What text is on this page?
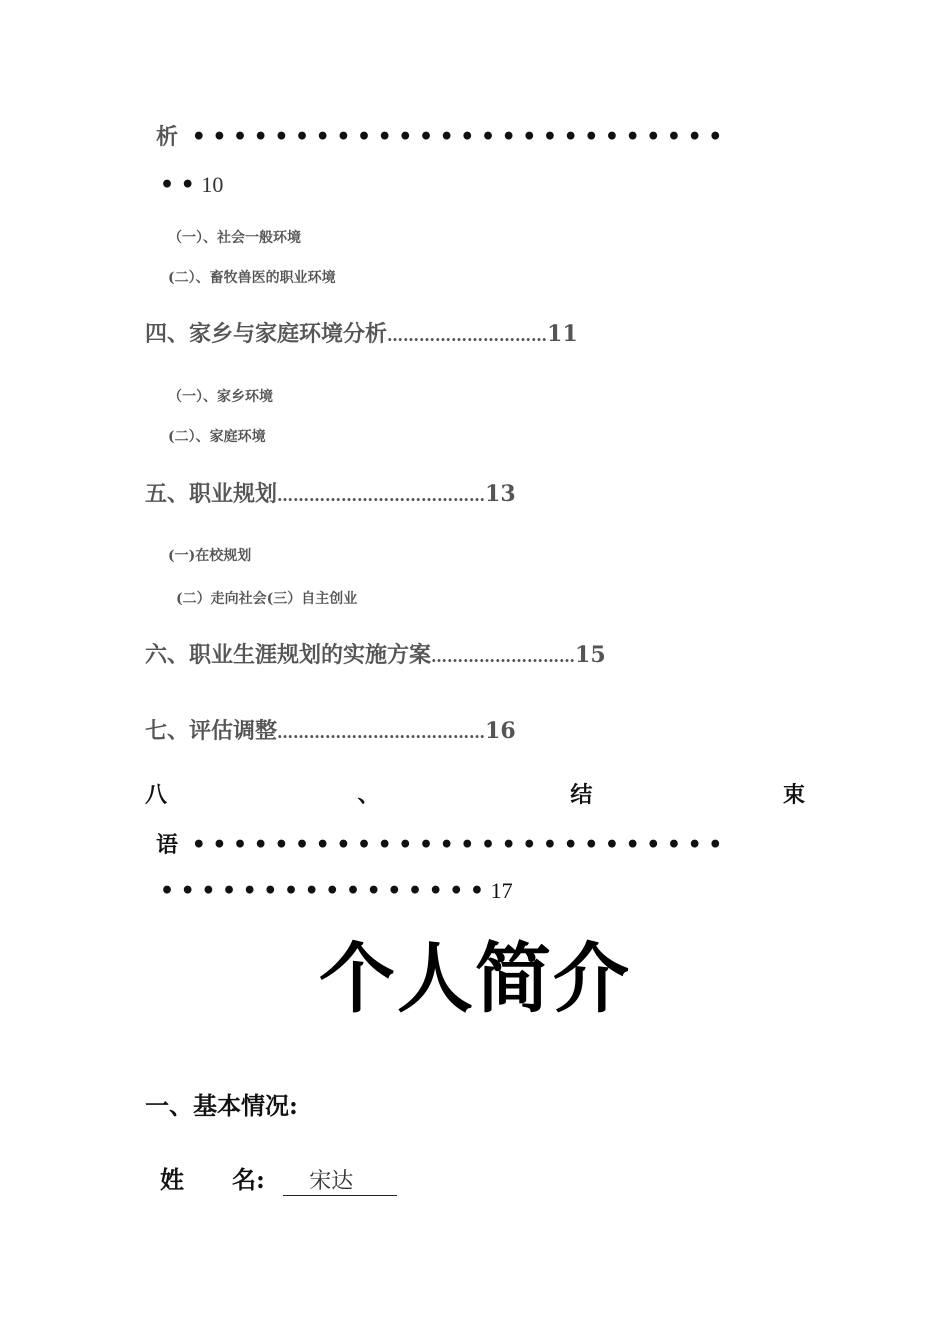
析 ••••••••••••••••••••••••••
••10
（一）、社会一般环境
(二）、畜牧兽医的职业环境
四、家乡与家庭环境分析…………………………11
（一）、家乡环境
(二）、家庭环境
五、职业规划…………………………………13
(一)在校规划
(二）走向社会(三）自主创业
六、职业生涯规划的实施方案………………………15
七、评估调整…………………………………16
八	、	结	束
语 ••••••••••••••••••••••••••
••••••••••••••••17
个人简介
一、基本情况:
姓　　名: 宋达
